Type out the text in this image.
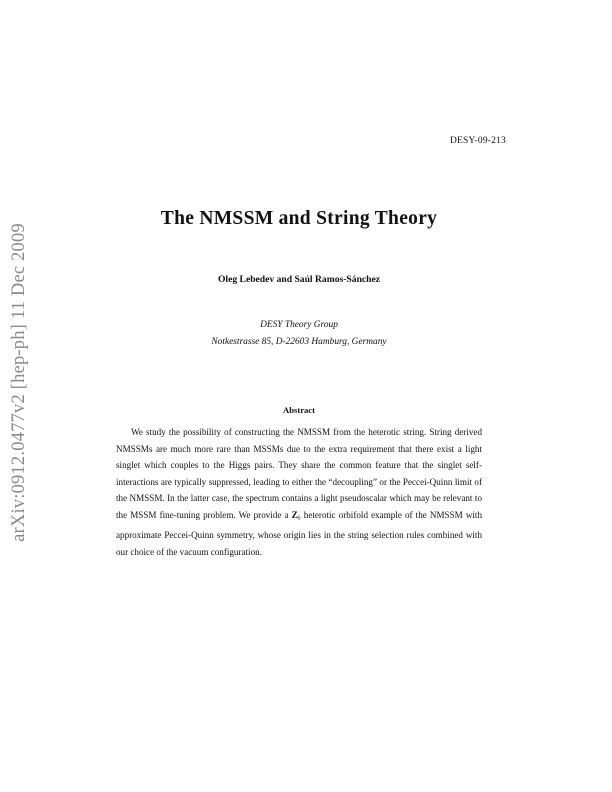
arXiv:0912.0477v2 [hep-ph] 11 Dec 2009
DESY-09-213
The NMSSM and String Theory
Oleg Lebedev and Saúl Ramos-Sánchez
DESY Theory Group
Notkestrasse 85, D-22603 Hamburg, Germany
Abstract

We study the possibility of constructing the NMSSM from the heterotic string. String derived NMSSMs are much more rare than MSSMs due to the extra requirement that there exist a light singlet which couples to the Higgs pairs. They share the common feature that the singlet self-interactions are typically suppressed, leading to either the “decoupling” or the Peccei-Quinn limit of the NMSSM. In the latter case, the spectrum contains a light pseudoscalar which may be relevant to the MSSM fine-tuning problem. We provide a $Z_6$ heterotic orbifold example of the NMSSM with approximate Peccei-Quinn symmetry, whose origin lies in the string selection rules combined with our choice of the vacuum configuration.
